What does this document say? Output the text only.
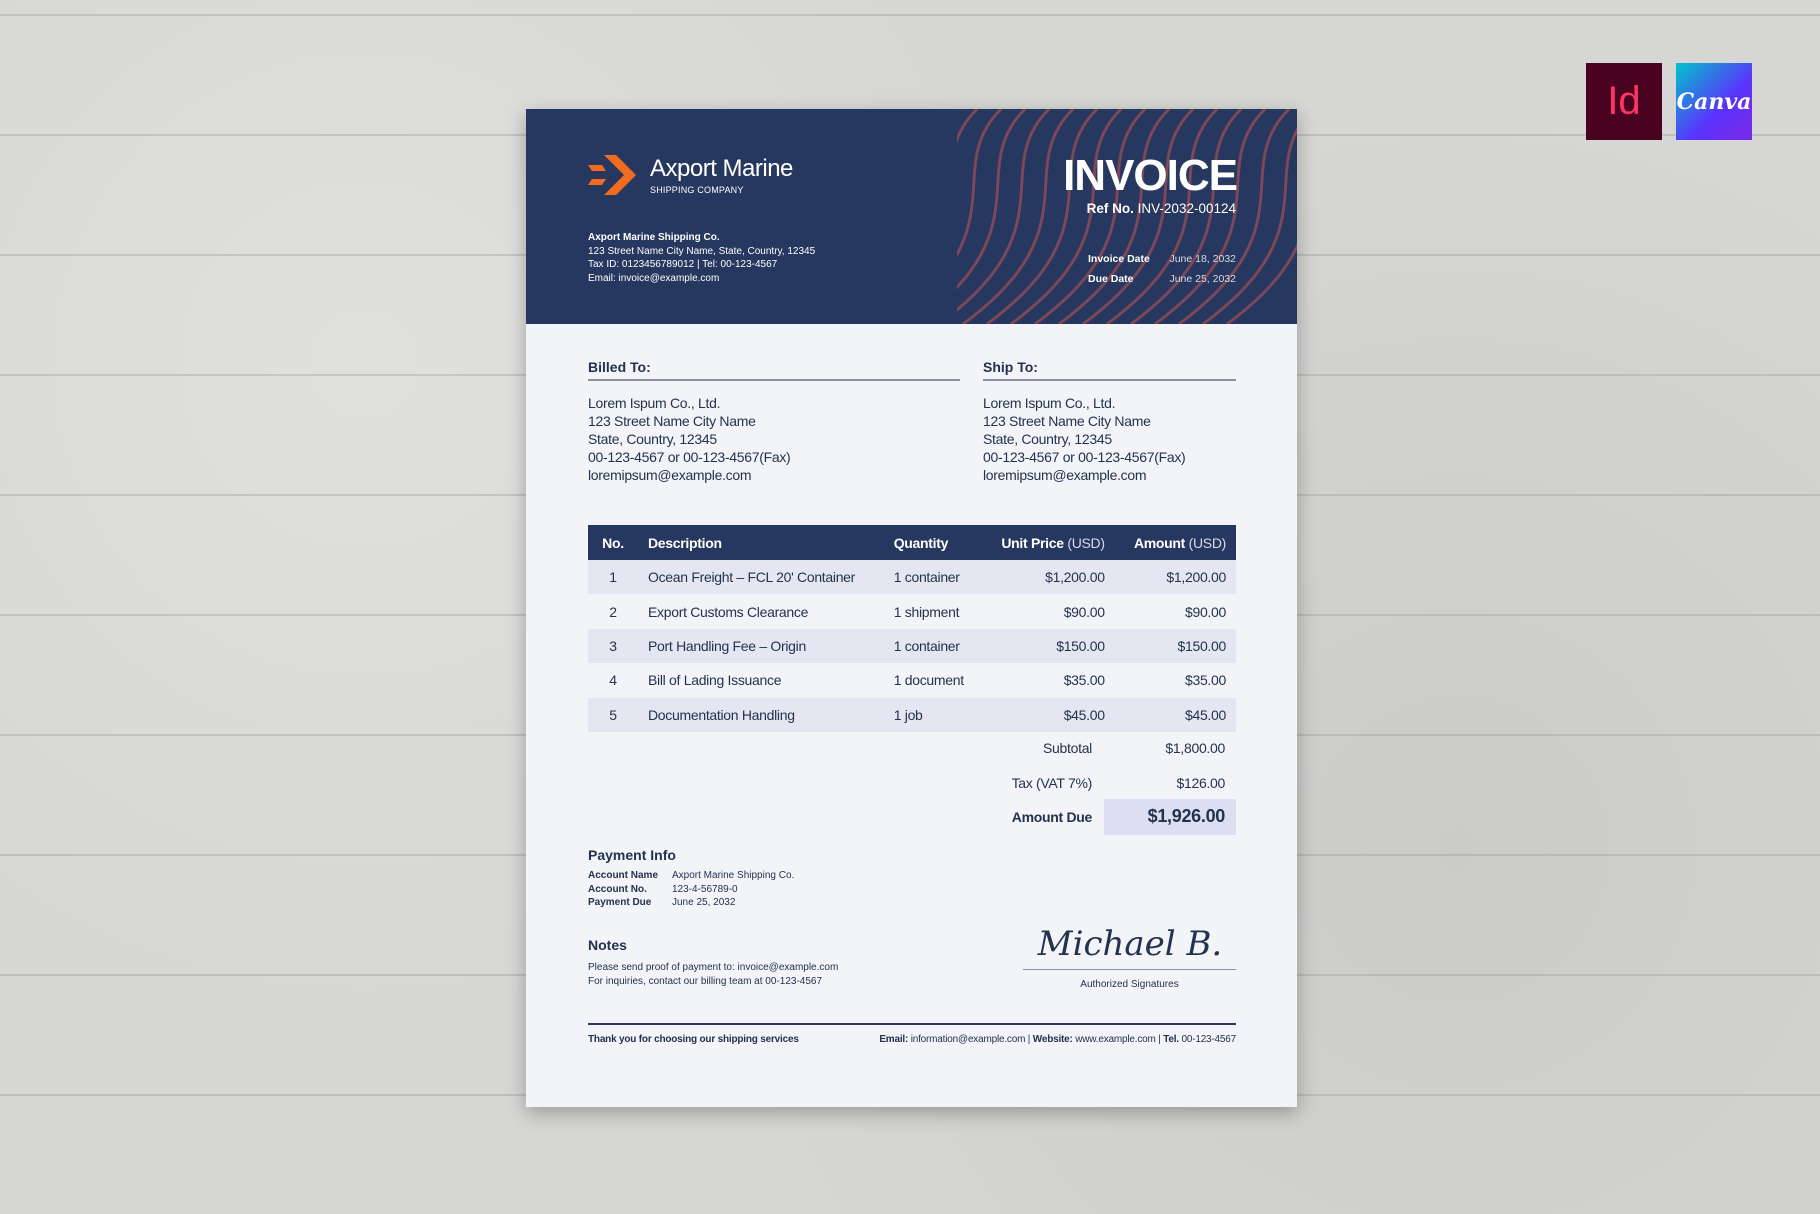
Id Canva
Axport Marine
SHIPPING COMPANY
Axport Marine Shipping Co.
123 Street Name City Name, State, Country, 12345
Tax ID: 0123456789012 | Tel: 00-123-4567
Email: invoice@example.com
INVOICE
Ref No. INV-2032-00124
Invoice Date June 18, 2032
Due Date	June 25, 2032
Billed To:
Lorem Ispum Co., Ltd.
123 Street Name City Name
State, Country, 12345
00-123-4567 or 00-123-4567(Fax)
loremipsum@example.com
Ship To:
Lorem Ispum Co., Ltd.
123 Street Name City Name
State, Country, 12345
00-123-4567 or 00-123-4567(Fax)
loremipsum@example.com
No.	Description	Quantity	Unit Price (USD)	Amount (USD)
1	Ocean Freight – FCL 20' Container	1 container	$1,200.00	$1,200.00
2	Export Customs Clearance	1 shipment	$90.00	$90.00
3	Port Handling Fee – Origin	1 container	$150.00	$150.00
4	Bill of Lading Issuance	1 document	$35.00	$35.00
5	Documentation Handling	1 job	$45.00	$45.00
Subtotal	$1,800.00
Tax (VAT 7%)	$126.00
Amount Due	$1,926.00
Payment Info
Account Name	Axport Marine Shipping Co.
Account No.	123-4-56789-0
Payment Due	June 25, 2032
Notes
Please send proof of payment to: invoice@example.com
For inquiries, contact our billing team at 00-123-4567
Michael B.
Authorized Signatures
Thank you for choosing our shipping services	Email: information@example.com | Website: www.example.com | Tel. 00-123-4567
